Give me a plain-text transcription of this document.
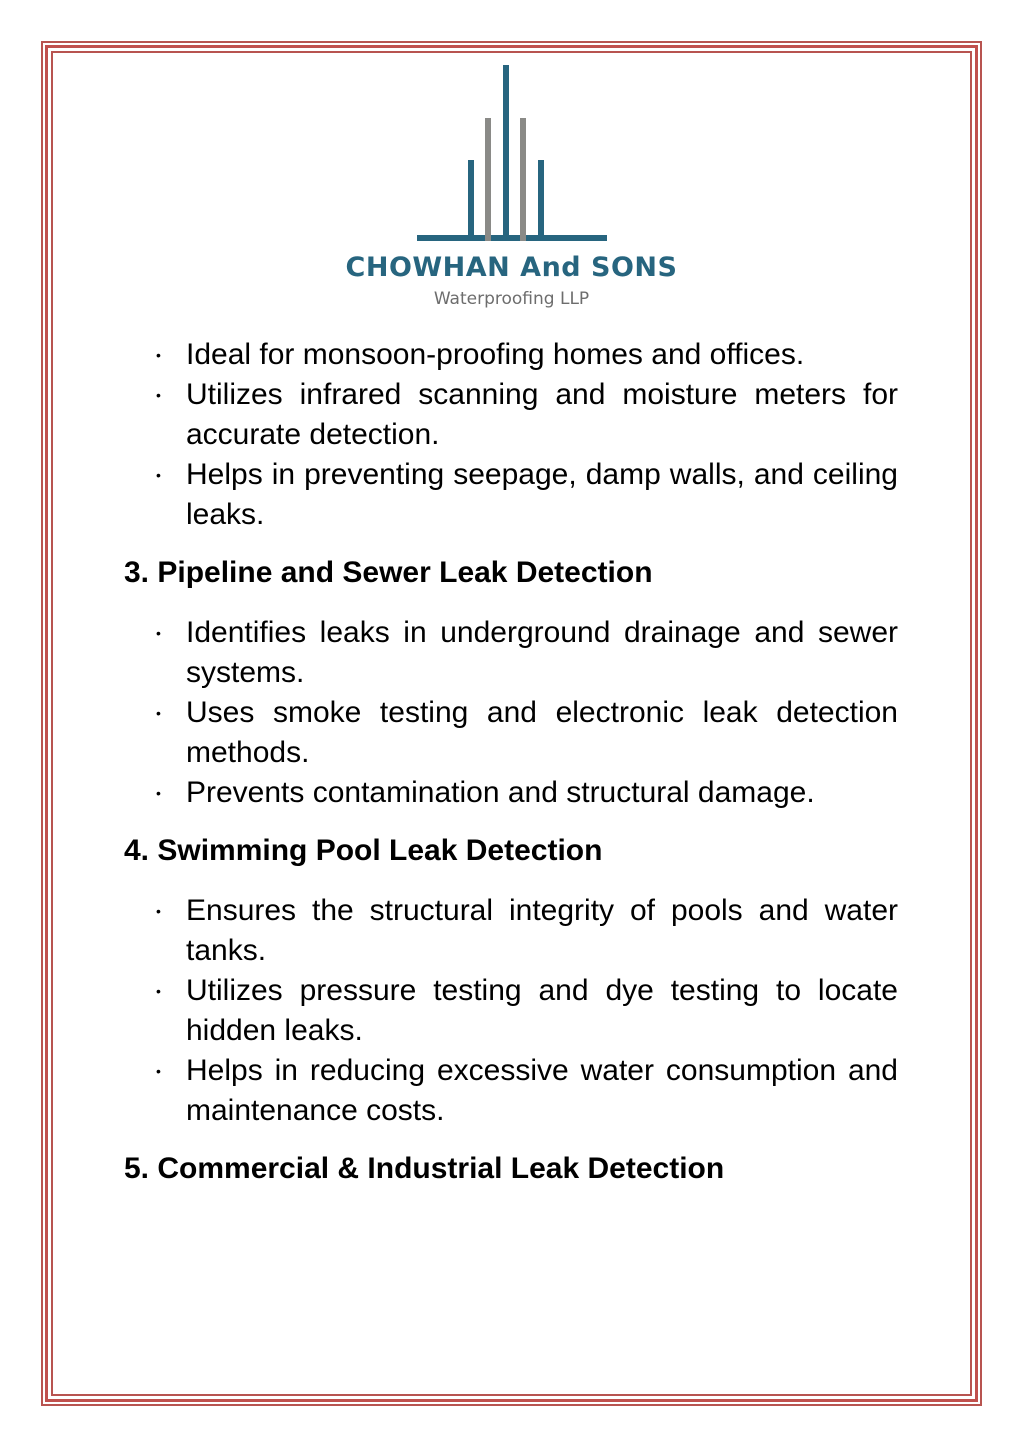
CHOWHAN And SONS
Waterproofing LLP
• Ideal for monsoon-proofing homes and offices.
• Utilizes infrared scanning and moisture meters for accurate detection.
• Helps in preventing seepage, damp walls, and ceiling leaks.
3. Pipeline and Sewer Leak Detection
• Identifies leaks in underground drainage and sewer systems.
• Uses smoke testing and electronic leak detection methods.
• Prevents contamination and structural damage.
4. Swimming Pool Leak Detection
• Ensures the structural integrity of pools and water tanks.
• Utilizes pressure testing and dye testing to locate hidden leaks.
• Helps in reducing excessive water consumption and maintenance costs.
5. Commercial & Industrial Leak Detection
